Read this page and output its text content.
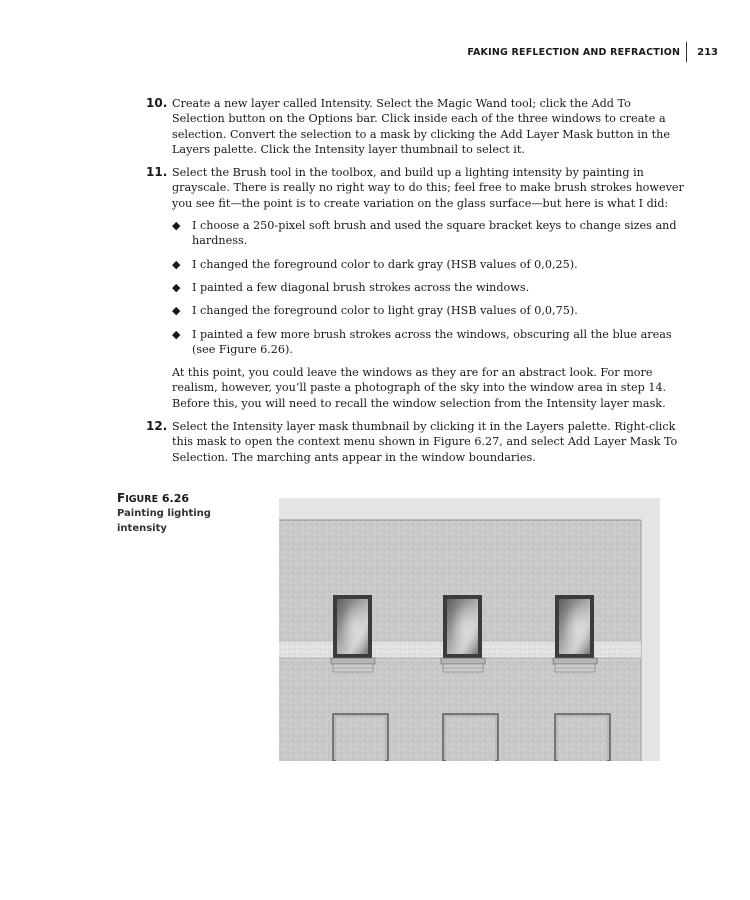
FAKING REFLECTION AND REFRACTION	213
10. Create a new layer called Intensity. Select the Magic Wand tool; click the Add To Selection button on the Options bar. Click inside each of the three windows to create a selection. Convert the selection to a mask by clicking the Add Layer Mask button in the Layers palette. Click the Intensity layer thumbnail to select it.

11. Select the Brush tool in the toolbox, and build up a lighting intensity by painting in grayscale. There is really no right way to do this; feel free to make brush strokes however you see fit—the point is to create variation on the glass surface—but here is what I did:

◆	I choose a 250-pixel soft brush and used the square bracket keys to change sizes and hardness.
◆	I changed the foreground color to dark gray (HSB values of 0,0,25).
◆	I painted a few diagonal brush strokes across the windows.
◆	I changed the foreground color to light gray (HSB values of 0,0,75).
◆	I painted a few more brush strokes across the windows, obscuring all the blue areas (see Figure 6.26).

At this point, you could leave the windows as they are for an abstract look. For more realism, however, you’ll paste a photograph of the sky into the window area in step 14. Before this, you will need to recall the window selection from the Intensity layer mask.

12. Select the Intensity layer mask thumbnail by clicking it in the Layers palette. Right-click this mask to open the context menu shown in Figure 6.27, and select Add Layer Mask To Selection. The marching ants appear in the window boundaries.

FIGURE 6.26

Painting lighting

intensity
